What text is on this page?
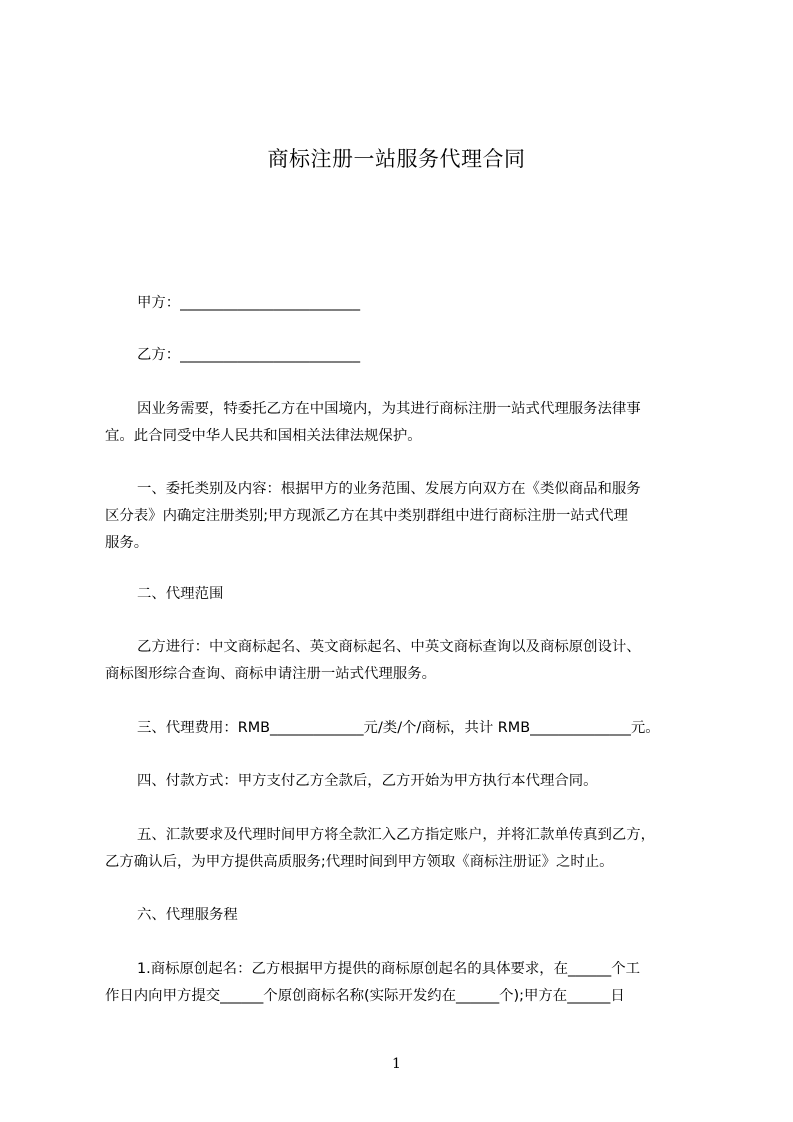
商标注册一站服务代理合同
甲方：_________________________
乙方：_________________________
因业务需要，特委托乙方在中国境内，为其进行商标注册一站式代理服务法律事
宜。此合同受中华人民共和国相关法律法规保护。
一、委托类别及内容：根据甲方的业务范围、发展方向双方在《类似商品和服务
区分表》内确定注册类别;甲方现派乙方在其中类别群组中进行商标注册一站式代理
服务。
二、代理范围
乙方进行：中文商标起名、英文商标起名、中英文商标查询以及商标原创设计、
商标图形综合查询、商标申请注册一站式代理服务。
三、代理费用：RMB_____________元/类/个/商标，共计 RMB______________元。
四、付款方式：甲方支付乙方全款后，乙方开始为甲方执行本代理合同。
五、汇款要求及代理时间甲方将全款汇入乙方指定账户，并将汇款单传真到乙方，
乙方确认后，为甲方提供高质服务;代理时间到甲方领取《商标注册证》之时止。
六、代理服务程
1.商标原创起名：乙方根据甲方提供的商标原创起名的具体要求，在______个工
作日内向甲方提交______个原创商标名称(实际开发约在______个);甲方在______日
1
